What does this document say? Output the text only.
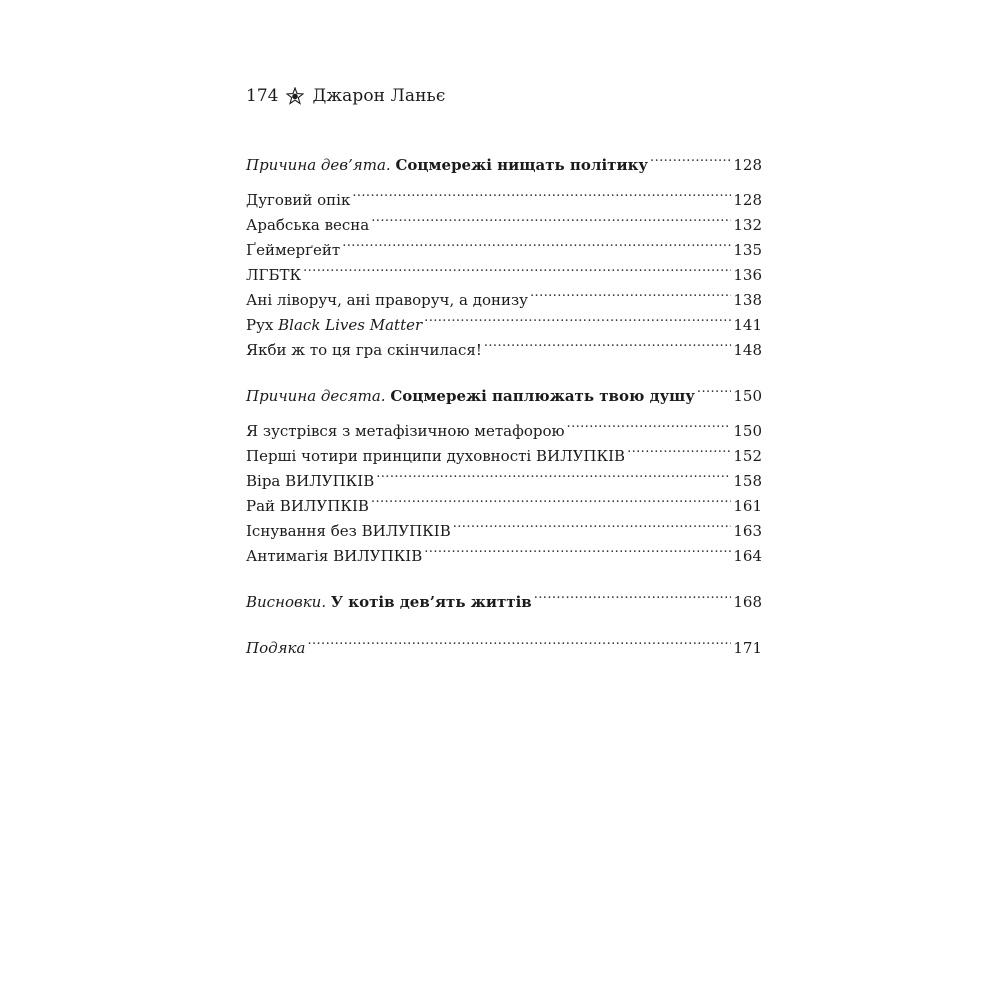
174 Джарон Ланьє
Причина дев’ята. Соцмережі нищать політику .....	128
Дуговий опік .....	128
Арабська весна .....	132
Ґеймерґейт .....	135
ЛГБТК .....	136
Ані ліворуч, ані праворуч, а донизу .....	138
Рух Black Lives Matter .....	141
Якби ж то ця гра скінчилася! .....	148
Причина десята. Соцмережі паплюжать твою душу .....	150
Я зустрівся з метафізичною метафорою .....	150
Перші чотири принципи духовності ВИЛУПКІВ .....	152
Віра ВИЛУПКІВ .....	158
Рай ВИЛУПКІВ .....	161
Існування без ВИЛУПКІВ .....	163
Антимагія ВИЛУПКІВ .....	164
Висновки. У котів дев’ять життів .....	168
Подяка .....	171
